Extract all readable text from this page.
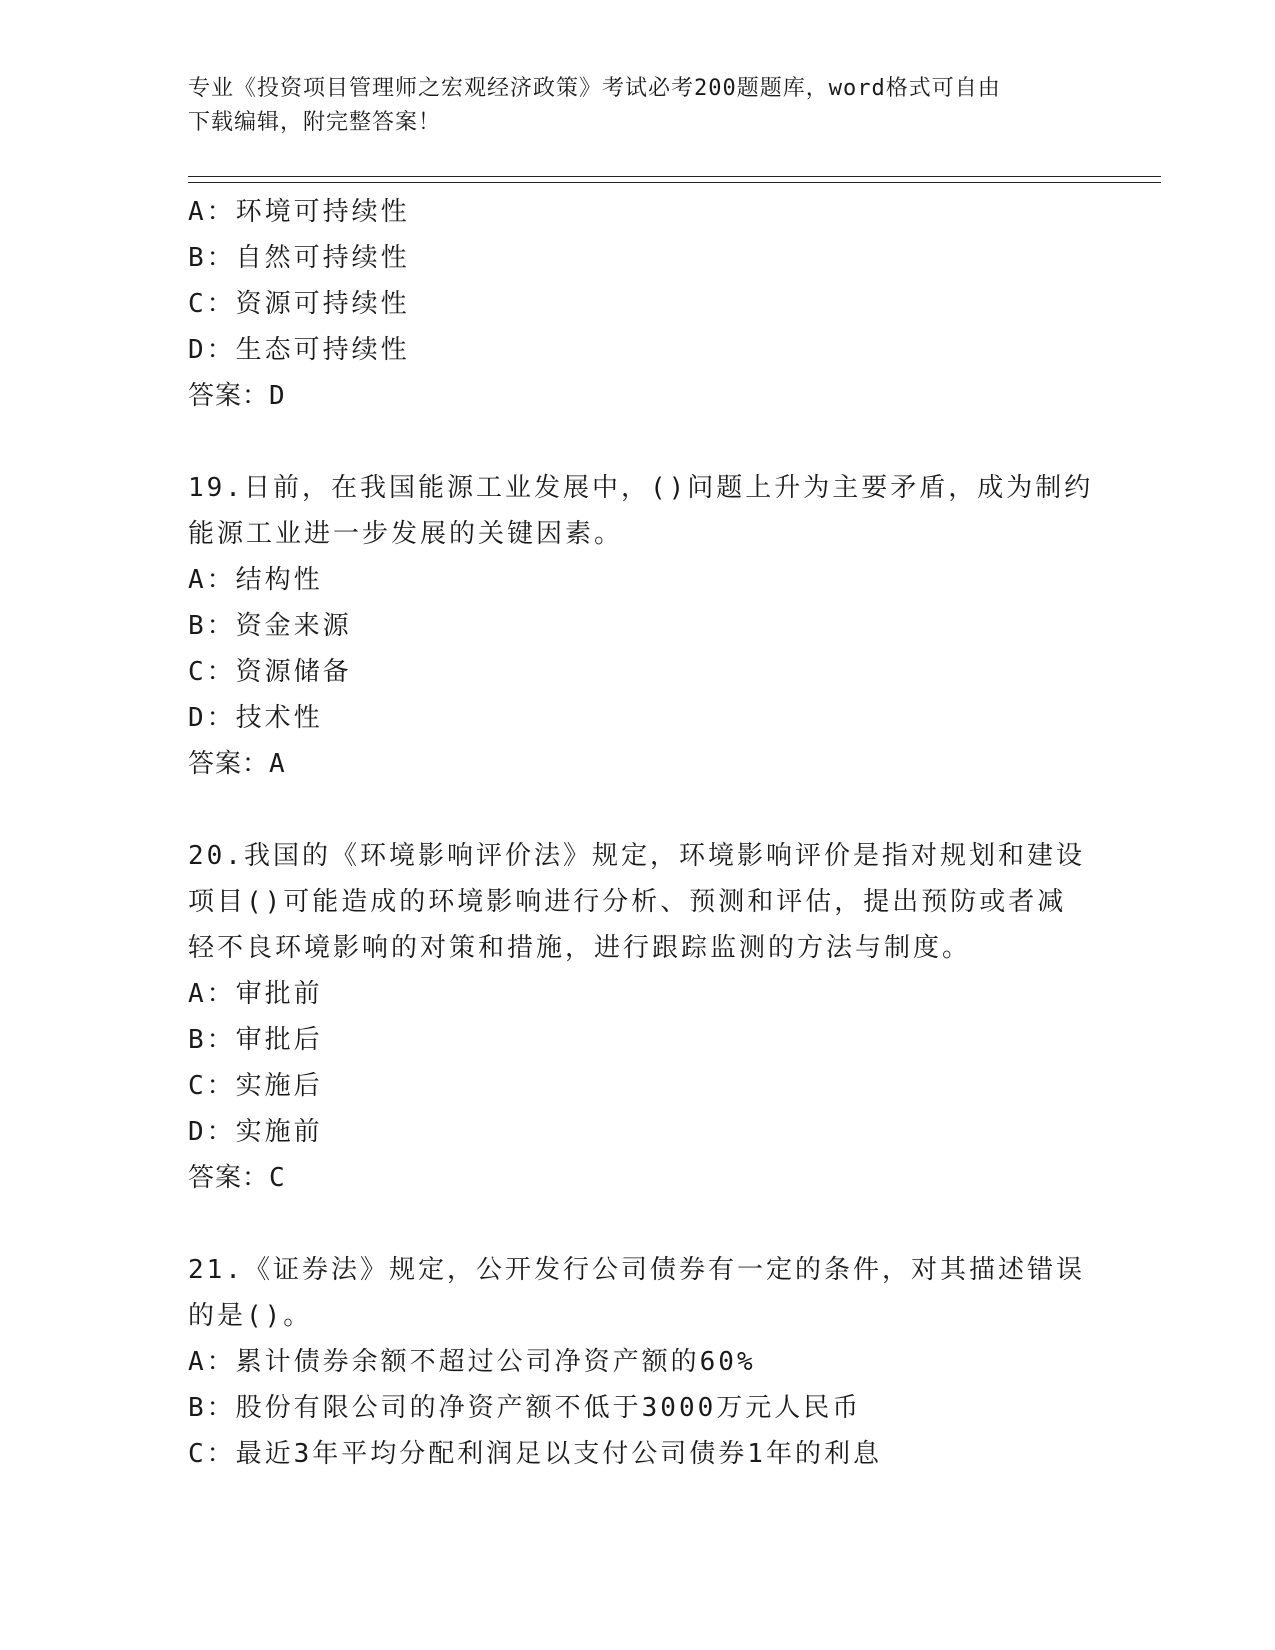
专业《投资项目管理师之宏观经济政策》考试必考200题题库，word格式可自由
下载编辑，附完整答案！
A：环境可持续性
B：自然可持续性
C：资源可持续性
D：生态可持续性
答案：D
19.日前，在我国能源工业发展中，()问题上升为主要矛盾，成为制约
能源工业进一步发展的关键因素。
A：结构性
B：资金来源
C：资源储备
D：技术性
答案：A
20.我国的《环境影响评价法》规定，环境影响评价是指对规划和建设
项目()可能造成的环境影响进行分析、预测和评估，提出预防或者减
轻不良环境影响的对策和措施，进行跟踪监测的方法与制度。
A：审批前
B：审批后
C：实施后
D：实施前
答案：C
21.《证券法》规定，公开发行公司债券有一定的条件，对其描述错误
的是()。
A：累计债券余额不超过公司净资产额的60%
B：股份有限公司的净资产额不低于3000万元人民币
C：最近3年平均分配利润足以支付公司债券1年的利息
